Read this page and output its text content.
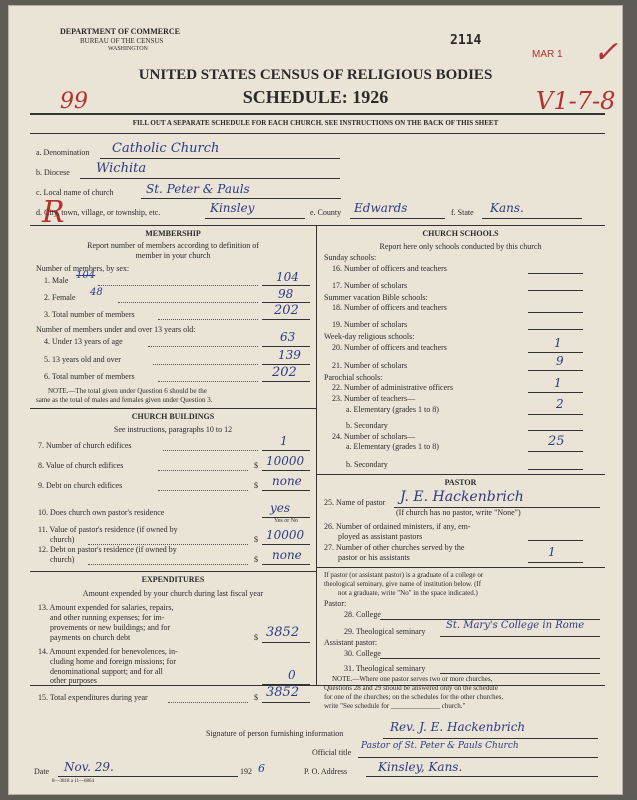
DEPARTMENT OF COMMERCE
BUREAU OF THE CENSUS
WASHINGTON
2114
MAR 1 ✓
UNITED STATES CENSUS OF RELIGIOUS BODIES
SCHEDULE: 1926
99	V1-7-8
FILL OUT A SEPARATE SCHEDULE FOR EACH CHURCH. SEE INSTRUCTIONS ON THE BACK OF THIS SHEET
R
a. Denomination Catholic Church
b. Diocese Wichita
c. Local name of church	St. Peter & Pauls
d. City, town, village, or township, etc.	Kinsley	e. County Edwards	f. State Kans.
MEMBERSHIP
Report number of members according to definition of
member in your church
Number of members, by sex:
1. Male 104	104
2. Female 48	98
3. Total number of members	202
Number of members under and over 13 years old:
4. Under 13 years of age	63
5. 13 years old and over	139
6. Total number of members	202
NOTE.—The total given under Question 6 should be the
same as the total of males and females given under Question 3.
CHURCH BUILDINGS
See instructions, paragraphs 10 to 12
7. Number of church edifices	1
8. Value of church edifices	$ 10000
9. Debt on church edifices	$ none
10. Does church own pastor's residence	yes
Yes or No
11. Value of pastor's residence (if owned by
church)	$ 10000
12. Debt on pastor's residence (if owned by
church)	$ none
EXPENDITURES
Amount expended by your church during last fiscal year
13. Amount expended for salaries, repairs,
and other running expenses; for im-
provements or new buildings; and for
payments on church debt	$ 3852
14. Amount expended for benevolences, in-
cluding home and foreign missions; for
denominational support; and for all
other purposes	0
15. Total expenditures during year	$ 3852
CHURCH SCHOOLS
Report here only schools conducted by this church
Sunday schools:
16. Number of officers and teachers
17. Number of scholars
Summer vacation Bible schools:
18. Number of officers and teachers
19. Number of scholars
Week-day religious schools:
20. Number of officers and teachers	1
21. Number of scholars	9
Parochial schools:
22. Number of administrative officers	1
23. Number of teachers—
a. Elementary (grades 1 to 8)	2
b. Secondary
24. Number of scholars—
a. Elementary (grades 1 to 8)	25
b. Secondary
PASTOR
25. Name of pastor J. E. Hackenbrich
(If church has no pastor, write "None")
26. Number of ordained ministers, if any, em-
ployed as assistant pastors
27. Number of other churches served by the
pastor or his assistants	1
If pastor (or assistant pastor) is a graduate of a college or
theological seminary, give name of institution below. (If
not a graduate, write "No" in the space indicated.)
Pastor:
28. College
29. Theological seminary
St. Mary's College in Rome
Assistant pastor:
30. College
31. Theological seminary
NOTE.—Where one pastor serves two or more churches,
Questions 28 and 29 should be answered only on the schedule
for one of the churches; on the schedules for the other churches,
write "See schedule for ______________ church."
Signature of person furnishing information	Rev. J. E. Hackenbrich
Official title
Pastor of St. Peter & Pauls Church
Date Nov. 29.	192 6	P. O. Address	Kinsley, Kans.
8—3818 a 11—6864
